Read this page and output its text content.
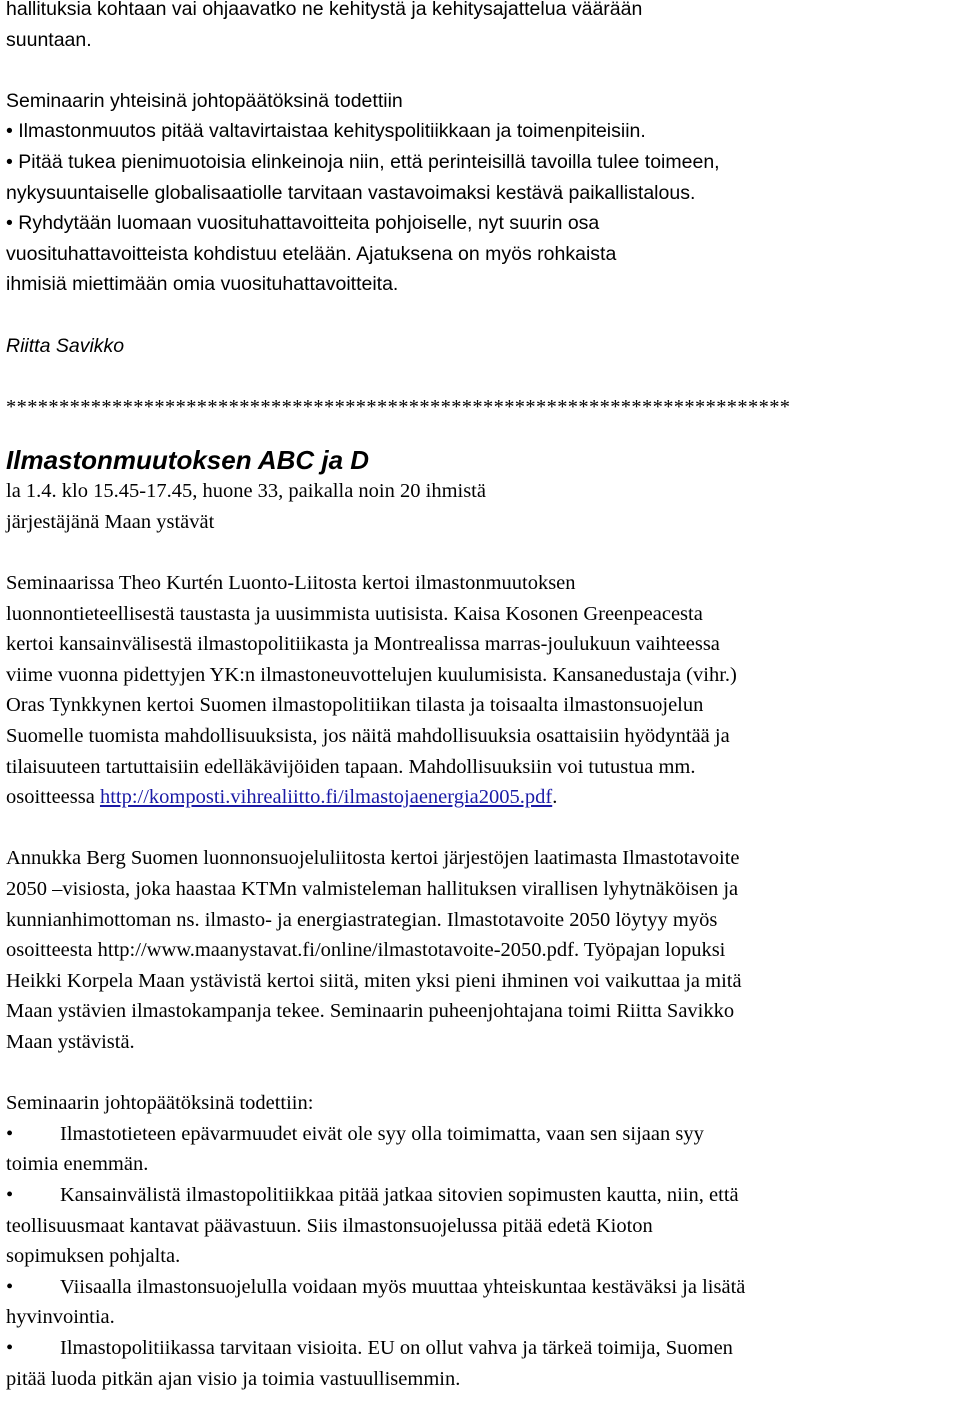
hallituksia kohtaan vai ohjaavatko ne kehitystä ja kehitysajattelua väärään
suuntaan.

Seminaarin yhteisinä johtopäätöksinä todettiin

• Ilmastonmuutos pitää valtavirtaistaa kehityspolitiikkaan ja toimenpiteisiin.

• Pitää tukea pienimuotoisia elinkeinoja niin, että perinteisillä tavoilla tulee toimeen,
nykysuuntaiselle globalisaatiolle tarvitaan vastavoimaksi kestävä paikallistalous.

• Ryhdytään luomaan vuosituhattavoitteita pohjoiselle, nyt suurin osa
vuosituhattavoitteista kohdistuu etelään. Ajatuksena on myös rohkaista
ihmisiä miettimään omia vuosituhattavoitteita.

Riitta Savikko

**************************************************************************

Ilmastonmuutoksen ABC ja D

la 1.4. klo 15.45-17.45, huone 33, paikalla noin 20 ihmistä

järjestäjänä Maan ystävät

Seminaarissa Theo Kurtén Luonto-Liitosta kertoi ilmastonmuutoksen
luonnontieteellisestä taustasta ja uusimmista uutisista. Kaisa Kosonen Greenpeacesta
kertoi kansainvälisestä ilmastopolitiikasta ja Montrealissa marras-joulukuun vaihteessa
viime vuonna pidettyjen YK:n ilmastoneuvottelujen kuulumisista. Kansanedustaja (vihr.)
Oras Tynkkynen kertoi Suomen ilmastopolitiikan tilasta ja toisaalta ilmastonsuojelun
Suomelle tuomista mahdollisuuksista, jos näitä mahdollisuuksia osattaisiin hyödyntää ja
tilaisuuteen tartuttaisiin edelläkävijöiden tapaan. Mahdollisuuksiin voi tutustua mm.
osoitteessa http://komposti.vihrealiitto.fi/ilmastojaenergia2005.pdf.

Annukka Berg Suomen luonnonsuojeluliitosta kertoi järjestöjen laatimasta Ilmastotavoite
2050 –visiosta, joka haastaa KTMn valmisteleman hallituksen virallisen lyhytnäköisen ja
kunnianhimottoman ns. ilmasto- ja energiastrategian. Ilmastotavoite 2050 löytyy myös
osoitteesta http://www.maanystavat.fi/online/ilmastotavoite-2050.pdf. Työpajan lopuksi
Heikki Korpela Maan ystävistä kertoi siitä, miten yksi pieni ihminen voi vaikuttaa ja mitä
Maan ystävien ilmastokampanja tekee. Seminaarin puheenjohtajana toimi Riitta Savikko
Maan ystävistä.

Seminaarin johtopäätöksinä todettiin:

• Ilmastotieteen epävarmuudet eivät ole syy olla toimimatta, vaan sen sijaan syy
toimia enemmän.

• Kansainvälistä ilmastopolitiikkaa pitää jatkaa sitovien sopimusten kautta, niin, että
teollisuusmaat kantavat päävastuun. Siis ilmastonsuojelussa pitää edetä Kioton
sopimuksen pohjalta.

• Viisaalla ilmastonsuojelulla voidaan myös muuttaa yhteiskuntaa kestäväksi ja lisätä
hyvinvointia.

• Ilmastopolitiikassa tarvitaan visioita. EU on ollut vahva ja tärkeä toimija, Suomen
pitää luoda pitkän ajan visio ja toimia vastuullisemmin.
